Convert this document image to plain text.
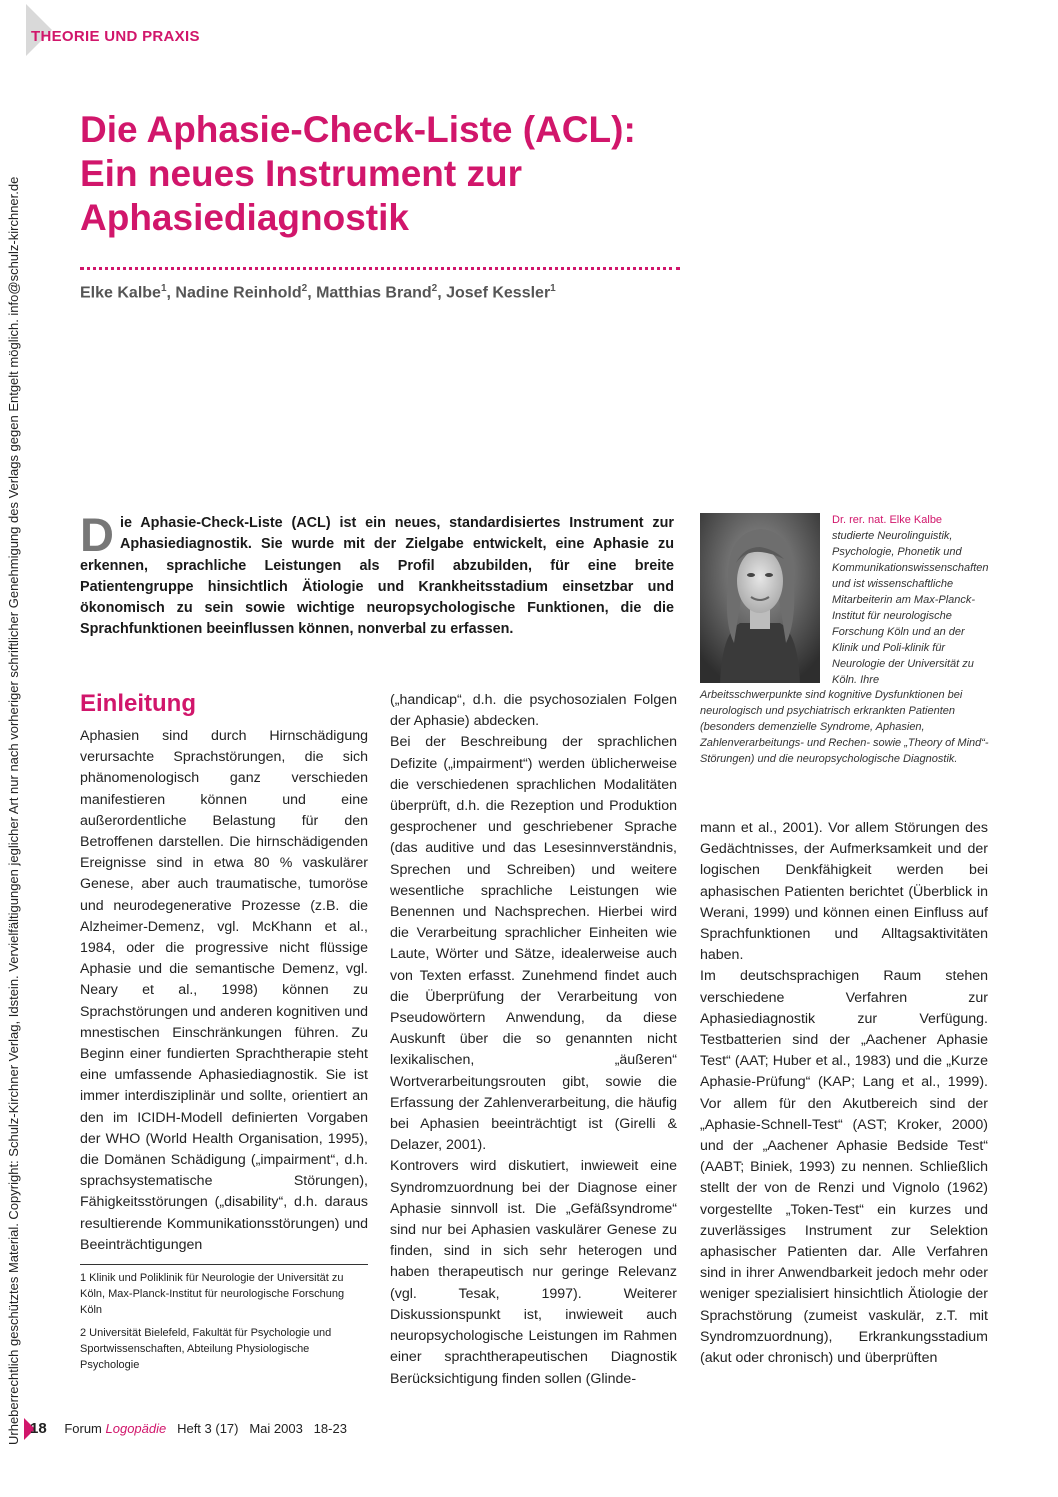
THEORIE UND PRAXIS
Urheberrechtlich geschütztes Material. Copyright: Schulz-Kirchner Verlag, Idstein. Vervielfältigungen jeglicher Art nur nach vorheriger schriftlicher Genehmigung des Verlags gegen Entgelt möglich. info@schulz-kirchner.de
Die Aphasie-Check-Liste (ACL): Ein neues Instrument zur Aphasiediagnostik
Elke Kalbe$^1$, Nadine Reinhold$^2$, Matthias Brand$^2$, Josef Kessler$^1$

Die Aphasie-Check-Liste (ACL) ist ein neues, standardisiertes Instrument zur Aphasiediagnostik. Sie wurde mit der Zielgabe entwickelt, eine Aphasie zu erkennen, sprachliche Leistungen als Profil abzubilden, für eine breite Patientengruppe hinsichtlich Ätiologie und Krankheitsstadium einsetzbar und ökonomisch zu sein sowie wichtige neuropsychologische Funktionen, die die Sprachfunktionen beeinflussen können, nonverbal zu erfassen.

Dr. rer. nat. Elke Kalbe
studierte Neurolinguistik, Psychologie, Phonetik und Kommunikationswissenschaften und ist wissenschaftliche Mitarbeiterin am Max-Planck-Institut für neurologische Forschung Köln und an der Klinik und Poli-klinik für Neurologie der Universität zu Köln. Ihre
Arbeitsschwerpunkte sind kognitive Dysfunktionen bei neurologisch und psychiatrisch erkrankten Patienten (besonders demenzielle Syndrome, Aphasien, Zahlenverarbeitungs- und Rechen- sowie „Theory of Mind“-Störungen) und die neuropsychologische Diagnostik.
Einleitung

Aphasien sind durch Hirnschädigung verursachte Sprachstörungen, die sich phänomenologisch ganz verschieden manifestieren können und eine außerordentliche Belastung für den Betroffenen darstellen. Die hirnschädigenden Ereignisse sind in etwa 80 % vaskulärer Genese, aber auch traumatische, tumoröse und neurodegenerative Prozesse (z.B. die Alzheimer-Demenz, vgl. McKhann et al., 1984, oder die progressive nicht flüssige Aphasie und die semantische Demenz, vgl. Neary et al., 1998) können zu Sprachstörungen und anderen kognitiven und mnestischen Einschränkungen führen. Zu Beginn einer fundierten Sprachtherapie steht eine umfassende Aphasiediagnostik. Sie ist immer interdisziplinär und sollte, orientiert an den im ICIDH-Modell definierten Vorgaben der WHO (World Health Organisation, 1995), die Domänen Schädigung („impairment“, d.h. sprachsystematische Störungen), Fähigkeitsstörungen („disability“, d.h. daraus resultierende Kommunikationsstörungen) und Beeinträchtigungen

(„handicap“, d.h. die psychosozialen Folgen der Aphasie) abdecken.

Bei der Beschreibung der sprachlichen Defizite („impairment“) werden üblicherweise die verschiedenen sprachlichen Modalitäten überprüft, d.h. die Rezeption und Produktion gesprochener und geschriebener Sprache (das auditive und das Lesesinnverständnis, Sprechen und Schreiben) und weitere wesentliche sprachliche Leistungen wie Benennen und Nachsprechen. Hierbei wird die Verarbeitung sprachlicher Einheiten wie Laute, Wörter und Sätze, idealerweise auch von Texten erfasst. Zunehmend findet auch die Überprüfung der Verarbeitung von Pseudowörtern Anwendung, da diese Auskunft über die so genannten nicht lexikalischen, „äußeren“ Wortverarbeitungsrouten gibt, sowie die Erfassung der Zahlenverarbeitung, die häufig bei Aphasien beeinträchtigt ist (Girelli & Delazer, 2001).

Kontrovers wird diskutiert, inwieweit eine Syndromzuordnung bei der Diagnose einer Aphasie sinnvoll ist. Die „Gefäßsyndrome“ sind nur bei Aphasien vaskulärer Genese zu finden, sind in sich sehr heterogen und haben therapeutisch nur geringe Relevanz (vgl. Tesak, 1997). Weiterer Diskussionspunkt ist, inwieweit auch neuropsychologische Leistungen im Rahmen einer sprachtherapeutischen Diagnostik Berücksichtigung finden sollen (Glinde-

mann et al., 2001). Vor allem Störungen des Gedächtnisses, der Aufmerksamkeit und der logischen Denkfähigkeit werden bei aphasischen Patienten berichtet (Überblick in Werani, 1999) und können einen Einfluss auf Sprachfunktionen und Alltagsaktivitäten haben.

Im deutschsprachigen Raum stehen verschiedene Verfahren zur Aphasiediagnostik zur Verfügung. Testbatterien sind der „Aachener Aphasie Test“ (AAT; Huber et al., 1983) und die „Kurze Aphasie-Prüfung“ (KAP; Lang et al., 1999). Vor allem für den Akutbereich sind der „Aphasie-Schnell-Test“ (AST; Kroker, 2000) und der „Aachener Aphasie Bedside Test“ (AABT; Biniek, 1993) zu nennen. Schließlich stellt der von de Renzi und Vignolo (1962) vorgestellte „Token-Test“ ein kurzes und zuverlässiges Instrument zur Selektion aphasischer Patienten dar. Alle Verfahren sind in ihrer Anwendbarkeit jedoch mehr oder weniger spezialisiert hinsichtlich Ätiologie der Sprachstörung (zumeist vaskulär, z.T. mit Syndromzuordnung), Erkrankungsstadium (akut oder chronisch) und überprüften

1 Klinik und Poliklinik für Neurologie der Universität zu Köln, Max-Planck-Institut für neurologische Forschung Köln

2 Universität Bielefeld, Fakultät für Psychologie und Sportwissenschaften, Abteilung Physiologische Psychologie

18 Forum Logopädie Heft 3 (17) Mai 2003 18-23
